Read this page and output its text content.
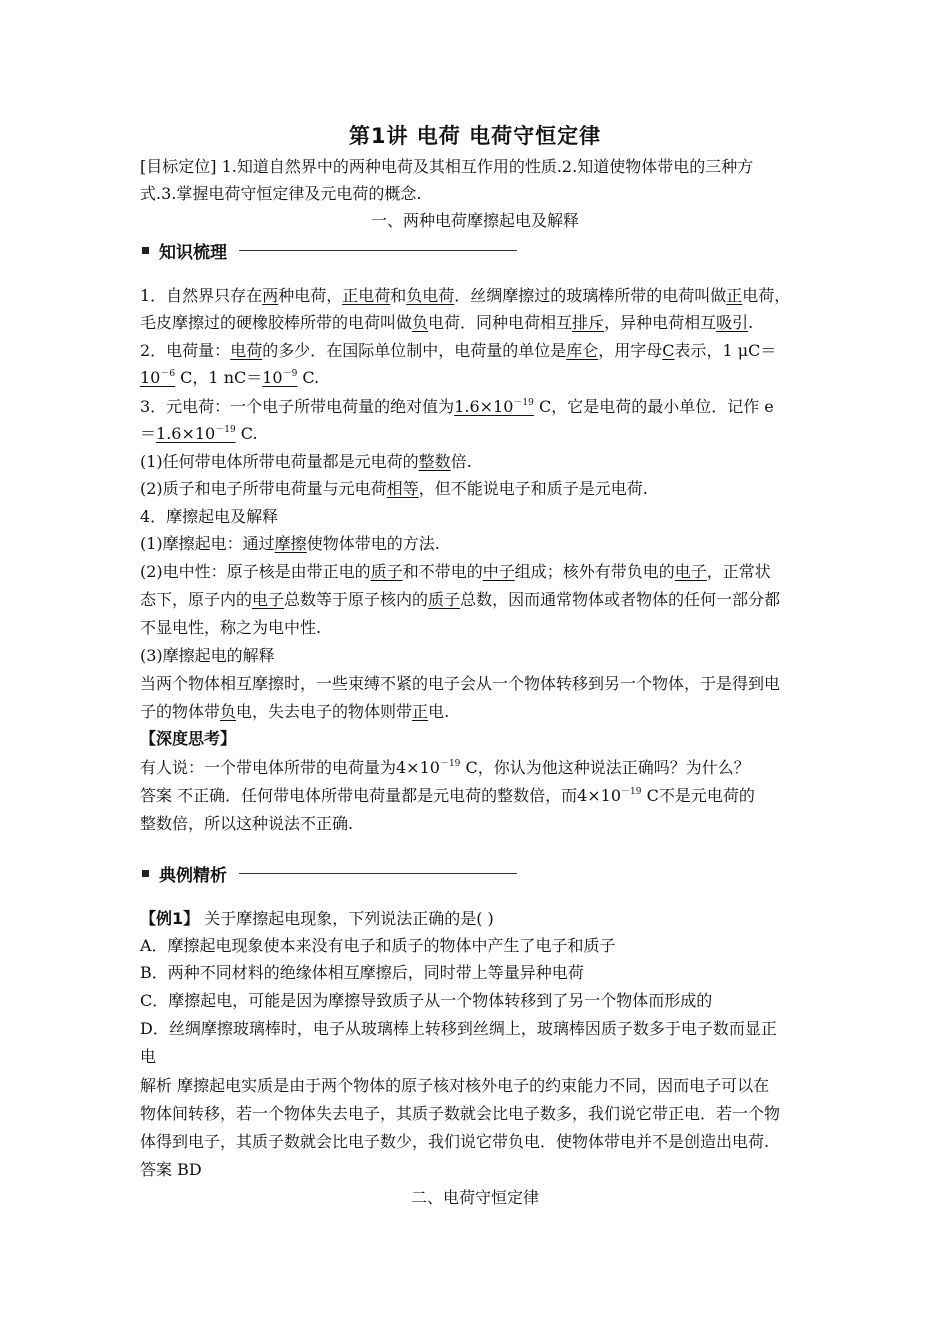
第1讲 电荷 电荷守恒定律
[目标定位] 1.知道自然界中的两种电荷及其相互作用的性质.2.知道使物体带电的三种方
式.3.掌握电荷守恒定律及元电荷的概念.
一、两种电荷摩擦起电及解释
知识梳理
1．自然界只存在两种电荷，正电荷和负电荷．丝绸摩擦过的玻璃棒所带的电荷叫做正电荷，
毛皮摩擦过的硬橡胶棒所带的电荷叫做负电荷．同种电荷相互排斥，异种电荷相互吸引.
2．电荷量：电荷的多少．在国际单位制中，电荷量的单位是库仑，用字母C表示，1 μC＝
$10^{-6}$ C，1 $nC=10^{-9}$ C.
3．元电荷：一个电子所带电荷量的绝对值为$1.6\times 10^{-19}$ C，它是电荷的最小单位．记作 e
$=1.6\times 10^{-19}$ C.
(1)任何带电体所带电荷量都是元电荷的整数倍.
(2)质子和电子所带电荷量与元电荷相等，但不能说电子和质子是元电荷.
4．摩擦起电及解释
(1)摩擦起电：通过摩擦使物体带电的方法.
(2)电中性：原子核是由带正电的质子和不带电的中子组成；核外有带负电的电子，正常状
态下，原子内的电子总数等于原子核内的质子总数，因而通常物体或者物体的任何一部分都
不显电性，称之为电中性.
(3)摩擦起电的解释
当两个物体相互摩擦时，一些束缚不紧的电子会从一个物体转移到另一个物体，于是得到电
子的物体带负电，失去电子的物体则带正电.
【深度思考】
有人说：一个带电体所带的电荷量为$4\times 10^{-19}$ C，你认为他这种说法正确吗？为什么？
答案 不正确．任何带电体所带电荷量都是元电荷的整数倍，而$4\times 10^{-19}$ C不是元电荷的
整数倍，所以这种说法不正确.
典例精析
【例1】 关于摩擦起电现象，下列说法正确的是( )
A．摩擦起电现象使本来没有电子和质子的物体中产生了电子和质子
B．两种不同材料的绝缘体相互摩擦后，同时带上等量异种电荷
C．摩擦起电，可能是因为摩擦导致质子从一个物体转移到了另一个物体而形成的
D．丝绸摩擦玻璃棒时，电子从玻璃棒上转移到丝绸上，玻璃棒因质子数多于电子数而显正
电
解析 摩擦起电实质是由于两个物体的原子核对核外电子的约束能力不同，因而电子可以在
物体间转移，若一个物体失去电子，其质子数就会比电子数多，我们说它带正电．若一个物
体得到电子，其质子数就会比电子数少，我们说它带负电．使物体带电并不是创造出电荷.
答案 BD
二、电荷守恒定律
